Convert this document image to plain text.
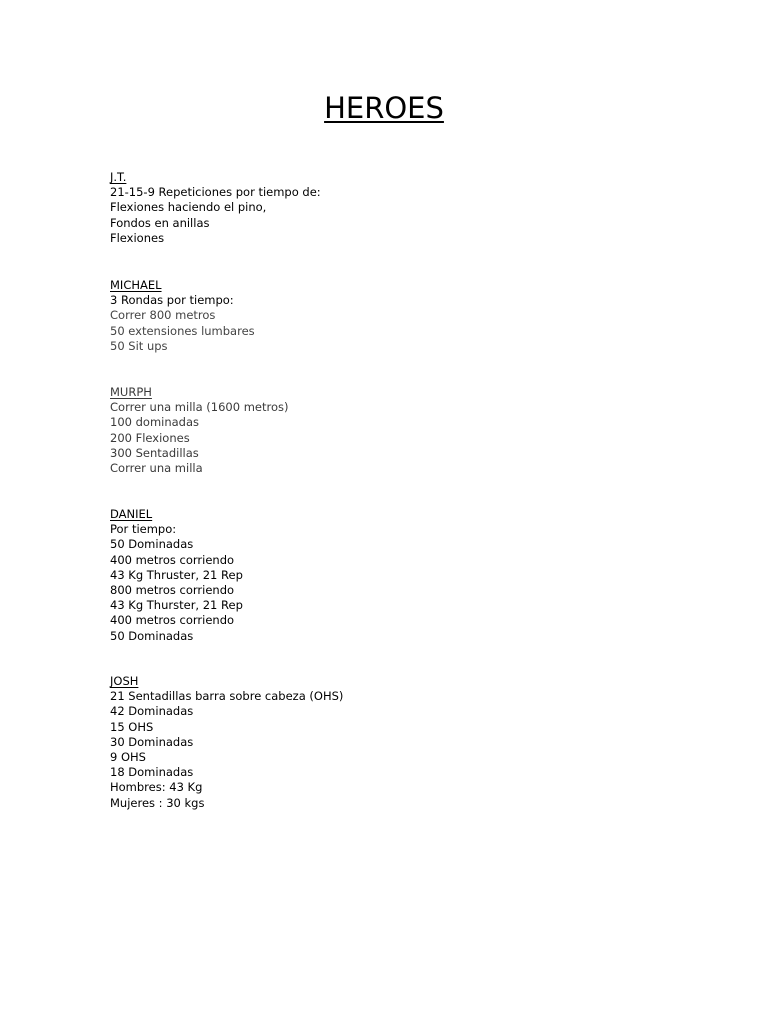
HEROES
J.T.
21-15-9 Repeticiones por tiempo de:
Flexiones haciendo el pino,
Fondos en anillas
Flexiones
MICHAEL
3 Rondas por tiempo:
Correr 800 metros
50 extensiones lumbares
50 Sit ups
MURPH
Correr una milla (1600 metros)
100 dominadas
200 Flexiones
300 Sentadillas
Correr una milla
DANIEL
Por tiempo:
50 Dominadas
400 metros corriendo
43 Kg Thruster, 21 Rep
800 metros corriendo
43 Kg Thurster, 21 Rep
400 metros corriendo
50 Dominadas
JOSH
21 Sentadillas barra sobre cabeza (OHS)
42 Dominadas
15 OHS
30 Dominadas
9 OHS
18 Dominadas
Hombres: 43 Kg
Mujeres : 30 kgs
